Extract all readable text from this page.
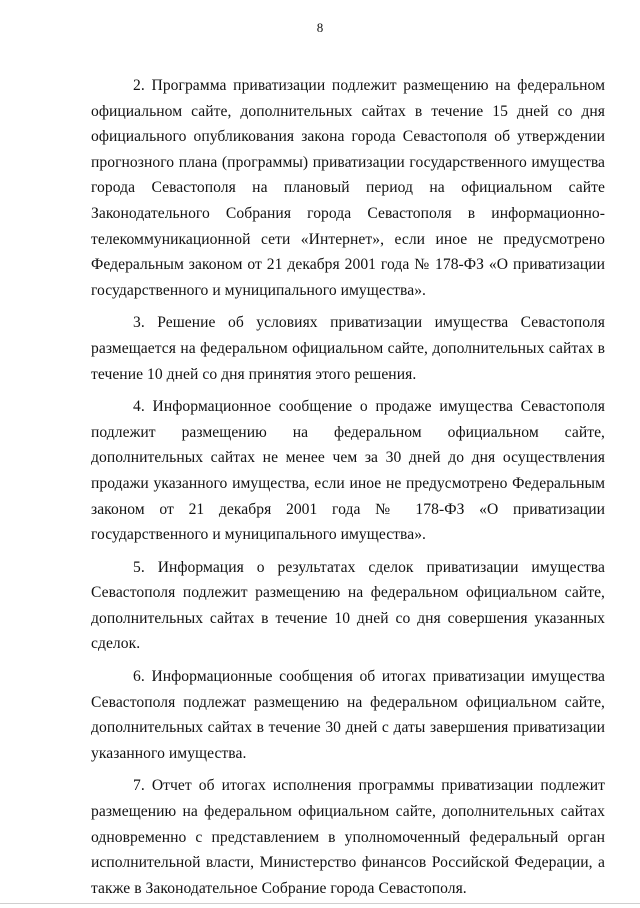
8

2. Программа приватизации подлежит размещению на федеральном официальном сайте, дополнительных сайтах в течение 15 дней со дня официального опубликования закона города Севастополя об утверждении прогнозного плана (программы) приватизации государственного имущества города Севастополя на плановый период на официальном сайте Законодательного Собрания города Севастополя в информационно-телекоммуникационной сети «Интернет», если иное не предусмотрено Федеральным законом от 21 декабря 2001 года № 178-ФЗ «О приватизации государственного и муниципального имущества».

3. Решение об условиях приватизации имущества Севастополя размещается на федеральном официальном сайте, дополнительных сайтах в течение 10 дней со дня принятия этого решения.

4. Информационное сообщение о продаже имущества Севастополя подлежит размещению на федеральном официальном сайте, дополнительных сайтах не менее чем за 30 дней до дня осуществления продажи указанного имущества, если иное не предусмотрено Федеральным законом от 21 декабря 2001 года № 178-ФЗ «О приватизации государственного и муниципального имущества».

5. Информация о результатах сделок приватизации имущества Севастополя подлежит размещению на федеральном официальном сайте, дополнительных сайтах в течение 10 дней со дня совершения указанных сделок.

6. Информационные сообщения об итогах приватизации имущества Севастополя подлежат размещению на федеральном официальном сайте, дополнительных сайтах в течение 30 дней с даты завершения приватизации указанного имущества.

7. Отчет об итогах исполнения программы приватизации подлежит размещению на федеральном официальном сайте, дополнительных сайтах одновременно с представлением в уполномоченный федеральный орган исполнительной власти, Министерство финансов Российской Федерации, а также в Законодательное Собрание города Севастополя.
